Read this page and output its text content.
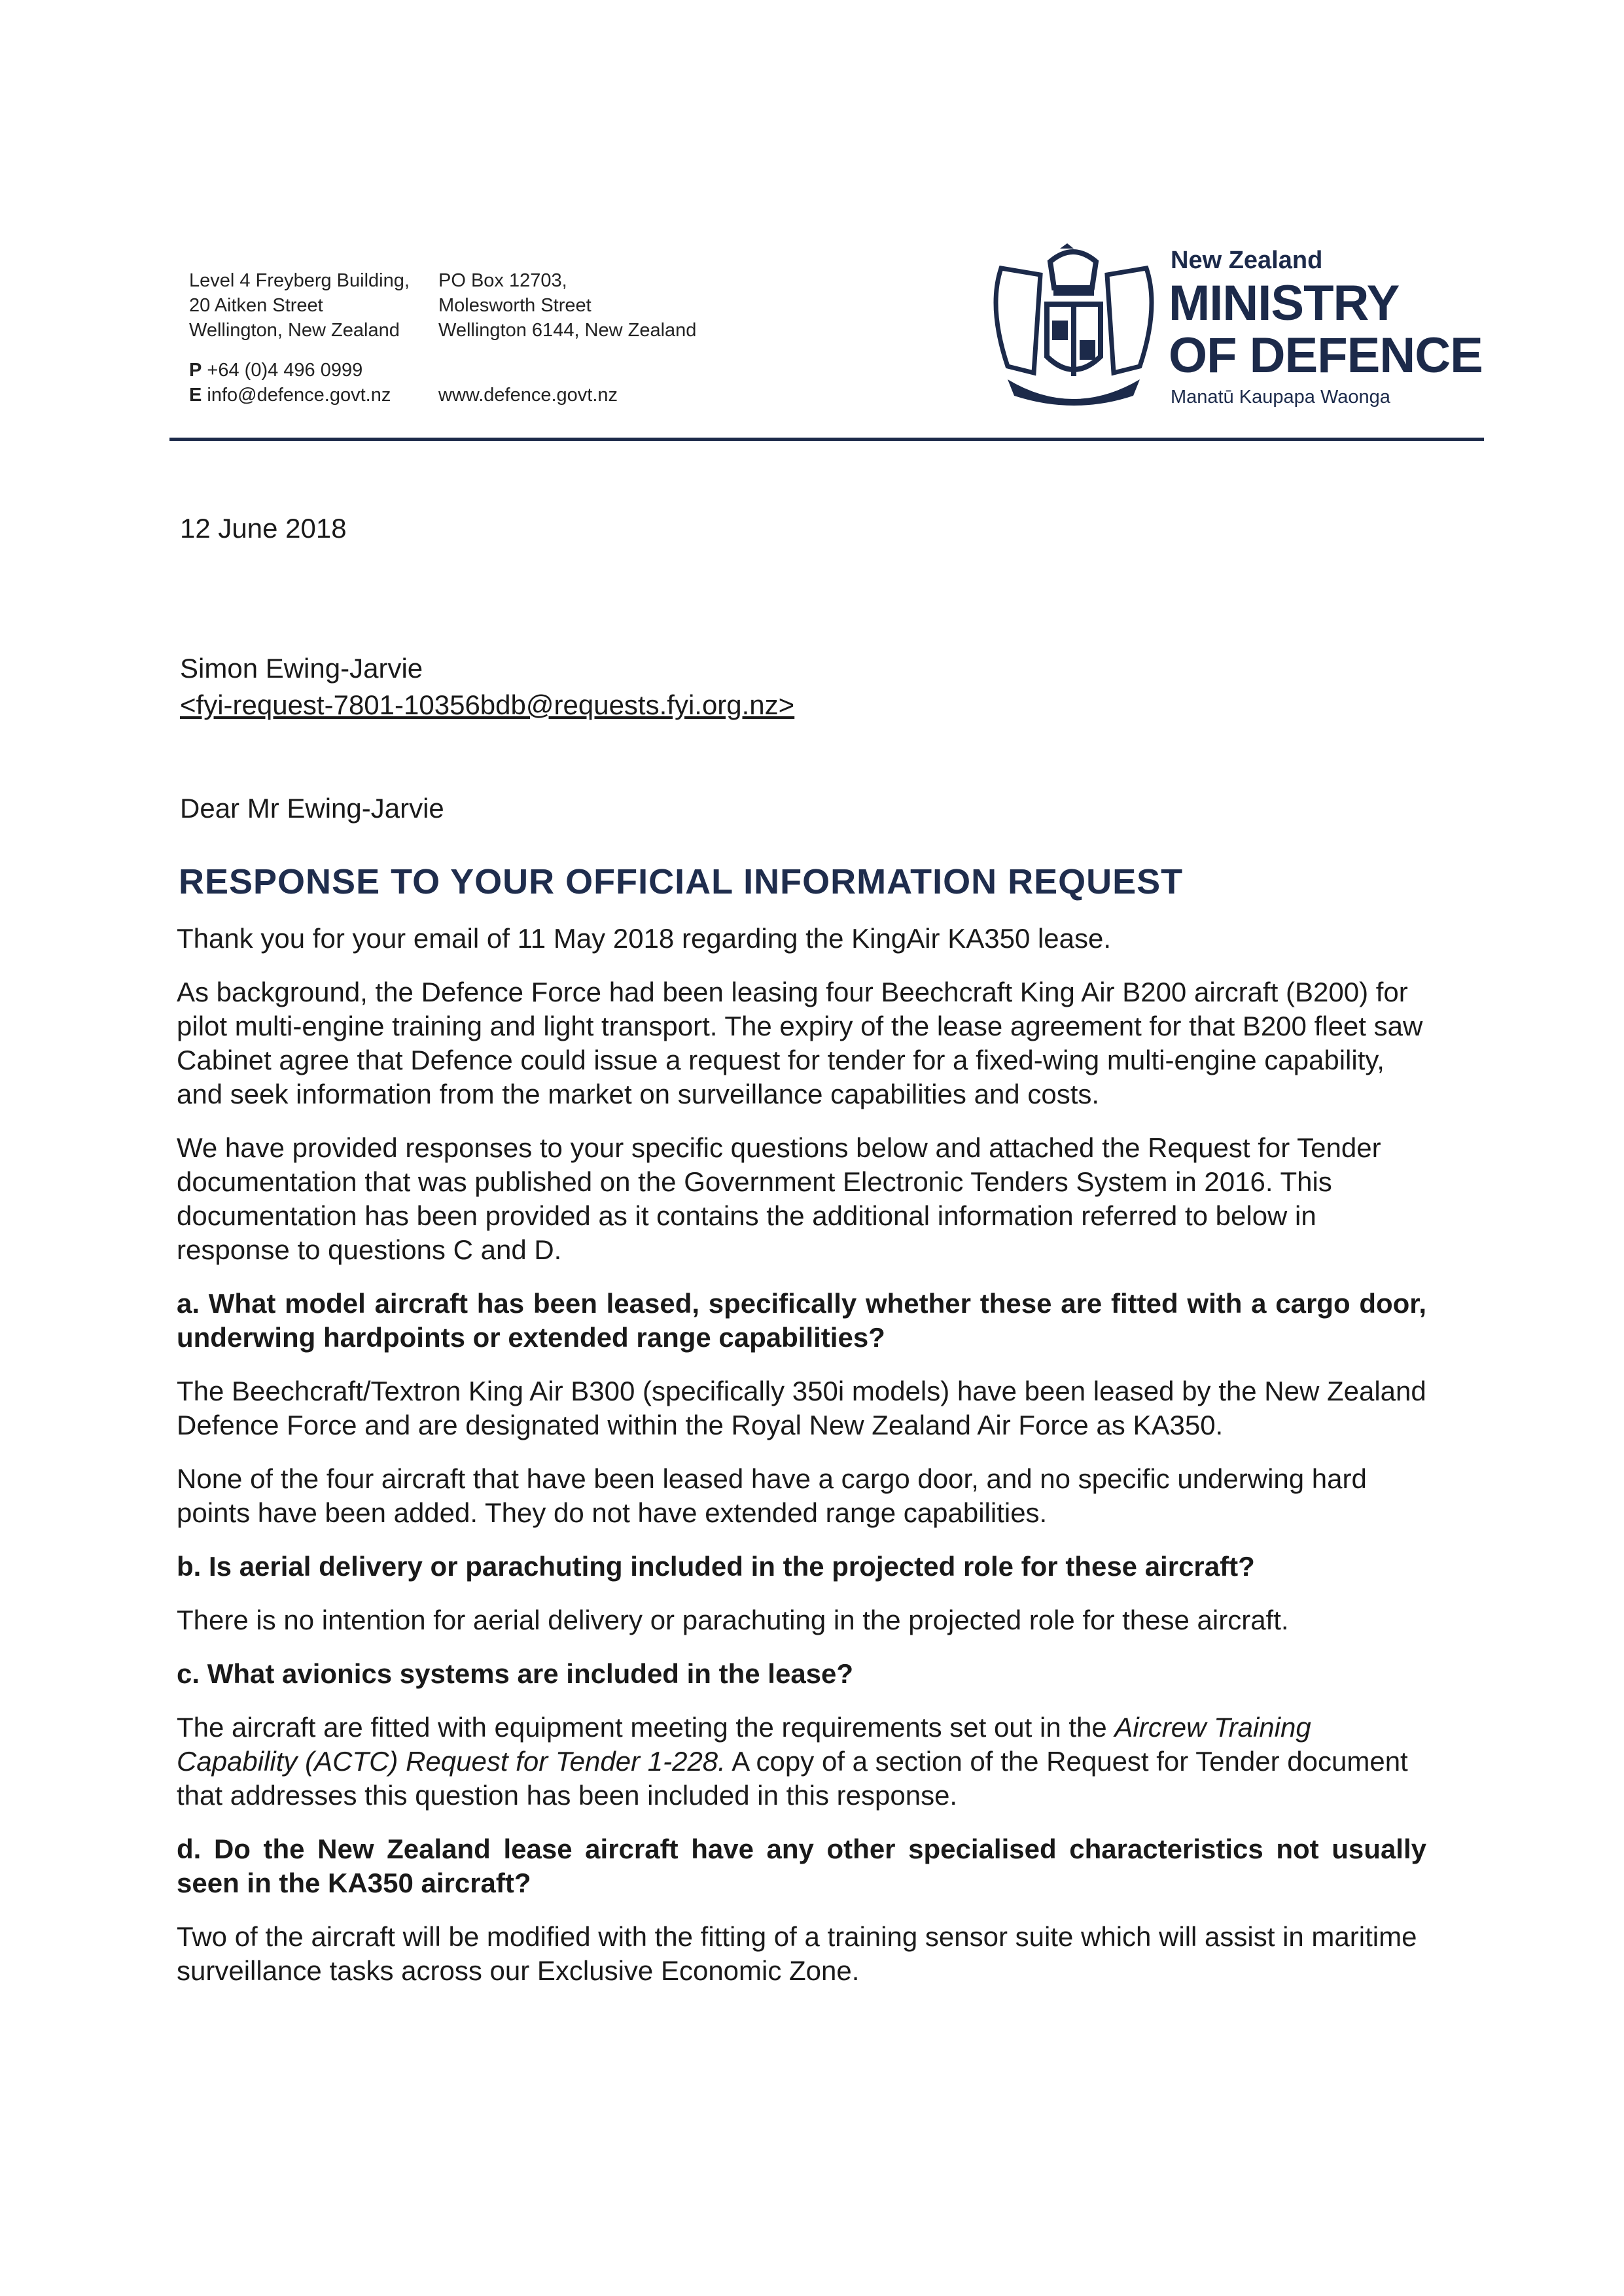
Level 4 Freyberg Building,
20 Aitken Street
Wellington, New Zealand
PO Box 12703,
Molesworth Street
Wellington 6144, New Zealand
P +64 (0)4 496 0999
E info@defence.govt.nz	www.defence.govt.nz
New Zealand
MINISTRY
OF DEFENCE
Manatū Kaupapa Waonga
12 June 2018
Simon Ewing-Jarvie
<fyi-request-7801-10356bdb@requests.fyi.org.nz>
Dear Mr Ewing-Jarvie
RESPONSE TO YOUR OFFICIAL INFORMATION REQUEST

Thank you for your email of 11 May 2018 regarding the KingAir KA350 lease.

As background, the Defence Force had been leasing four Beechcraft King Air B200 aircraft (B200) for pilot multi-engine training and light transport. The expiry of the lease agreement for that B200 fleet saw Cabinet agree that Defence could issue a request for tender for a fixed-wing multi-engine capability, and seek information from the market on surveillance capabilities and costs.

We have provided responses to your specific questions below and attached the Request for Tender documentation that was published on the Government Electronic Tenders System in 2016. This documentation has been provided as it contains the additional information referred to below in response to questions C and D.

a. What model aircraft has been leased, specifically whether these are fitted with a cargo door, underwing hardpoints or extended range capabilities?

The Beechcraft/Textron King Air B300 (specifically 350i models) have been leased by the New Zealand Defence Force and are designated within the Royal New Zealand Air Force as KA350.

None of the four aircraft that have been leased have a cargo door, and no specific underwing hard points have been added. They do not have extended range capabilities.

b. Is aerial delivery or parachuting included in the projected role for these aircraft?

There is no intention for aerial delivery or parachuting in the projected role for these aircraft.

c. What avionics systems are included in the lease?

The aircraft are fitted with equipment meeting the requirements set out in the Aircrew Training Capability (ACTC) Request for Tender 1-228. A copy of a section of the Request for Tender document that addresses this question has been included in this response.

d. Do the New Zealand lease aircraft have any other specialised characteristics not usually seen in the KA350 aircraft?

Two of the aircraft will be modified with the fitting of a training sensor suite which will assist in maritime surveillance tasks across our Exclusive Economic Zone.
